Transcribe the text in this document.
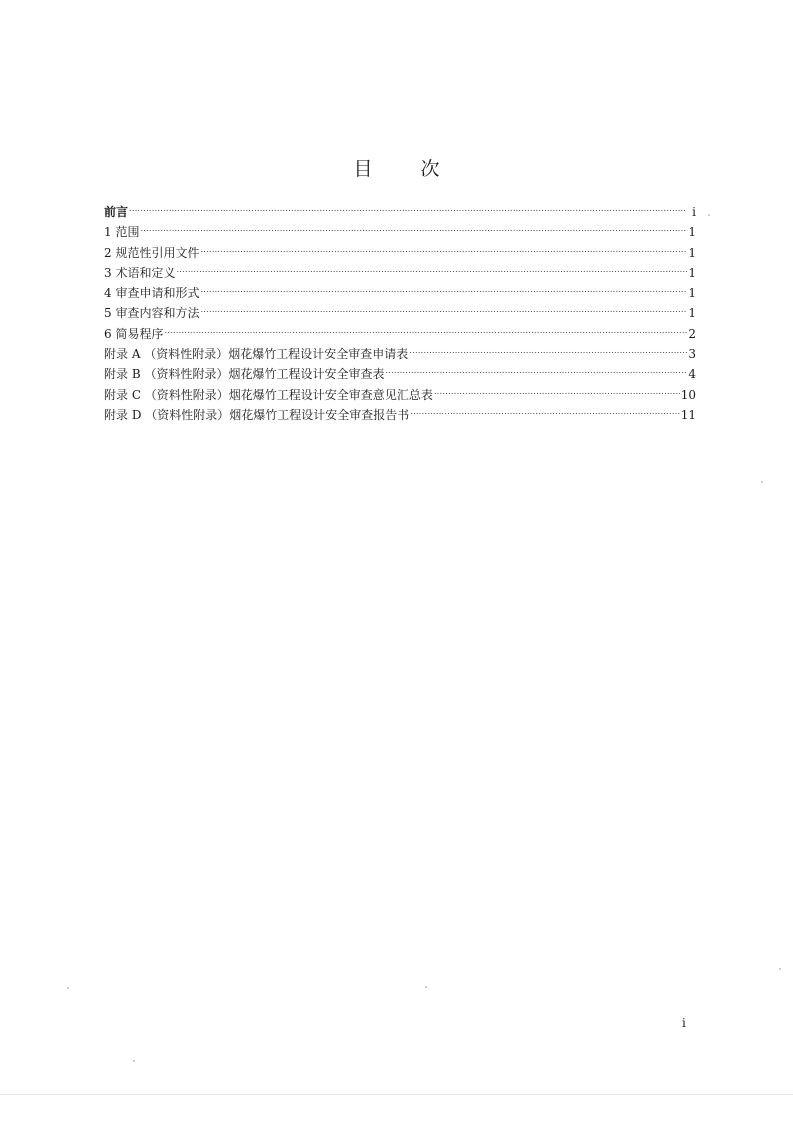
目	次
前言 .....	i
1 范围 .....	1
2 规范性引用文件 .....	1
3 术语和定义 .....	1
4 审查申请和形式 .....	1
5 审查内容和方法 .....	1
6 简易程序 .....	2
附录 A （资料性附录）烟花爆竹工程设计安全审查申请表 .....	3
附录 B （资料性附录）烟花爆竹工程设计安全审查表 .....	4
附录 C （资料性附录）烟花爆竹工程设计安全审查意见汇总表 .....	10
附录 D （资料性附录）烟花爆竹工程设计安全审查报告书 .....	11
i
